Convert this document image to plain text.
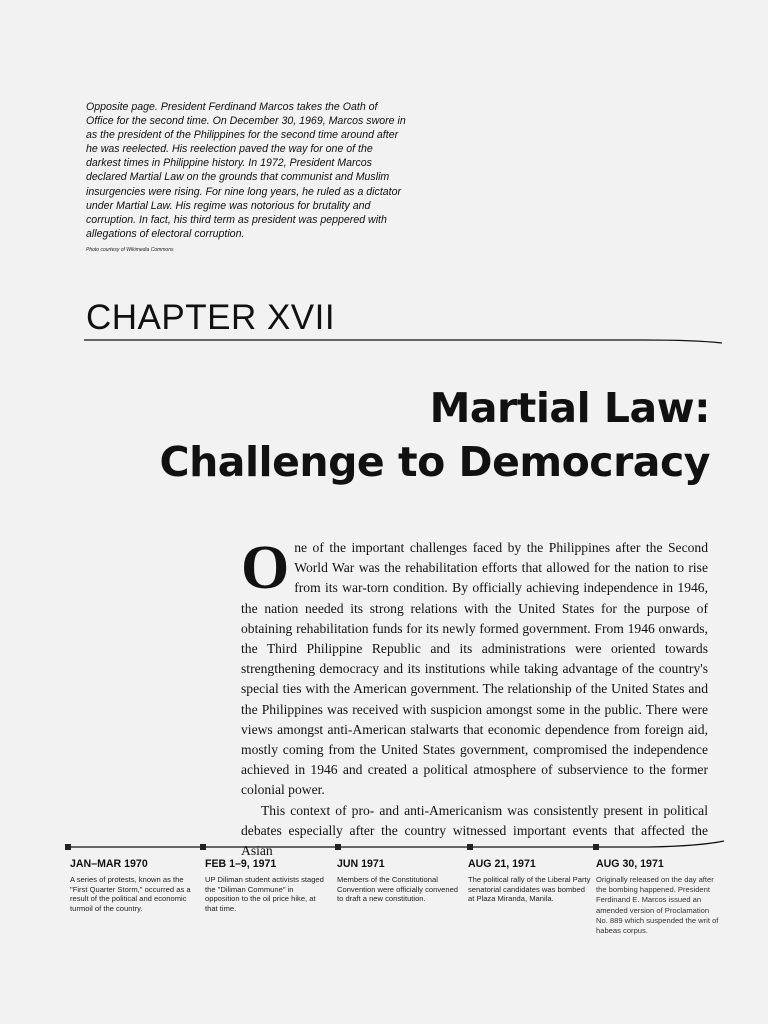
Opposite page. President Ferdinand Marcos takes the Oath of Office for the second time. On December 30, 1969, Marcos swore in as the president of the Philippines for the second time around after he was reelected. His reelection paved the way for one of the darkest times in Philippine history. In 1972, President Marcos declared Martial Law on the grounds that communist and Muslim insurgencies were rising. For nine long years, he ruled as a dictator under Martial Law. His regime was notorious for brutality and corruption. In fact, his third term as president was peppered with allegations of electoral corruption.
Photo courtesy of Wikimedia Commons
CHAPTER XVII
Martial Law:
Challenge to Democracy

One of the important challenges faced by the Philippines after the Second World War was the rehabilitation efforts that allowed for the nation to rise from its war-torn condition. By officially achieving independence in 1946, the nation needed its strong relations with the United States for the purpose of obtaining rehabilitation funds for its newly formed government. From 1946 onwards, the Third Philippine Republic and its administrations were oriented towards strengthening democracy and its institutions while taking advantage of the country's special ties with the American government. The relationship of the United States and the Philippines was received with suspicion amongst some in the public. There were views amongst anti-American stalwarts that economic dependence from foreign aid, mostly coming from the United States government, compromised the independence achieved in 1946 and created a political atmosphere of subservience to the former colonial power.

This context of pro- and anti-Americanism was consistently present in political debates especially after the country witnessed important events that affected the Asian

JAN–MAR 1970
A series of protests, known as the "First Quarter Storm," occurred as a result of the political and economic turmoil of the country.
FEB 1–9, 1971
UP Diliman student activists staged the "Diliman Commune" in opposition to the oil price hike, at that time.
JUN 1971
Members of the Constitutional Convention were officially convened to draft a new constitution.
AUG 21, 1971
The political rally of the Liberal Party senatorial candidates was bombed at Plaza Miranda, Manila.
AUG 30, 1971
Originally released on the day after the bombing happened. President Ferdinand E. Marcos issued an amended version of Proclamation No. 889 which suspended the writ of habeas corpus.
